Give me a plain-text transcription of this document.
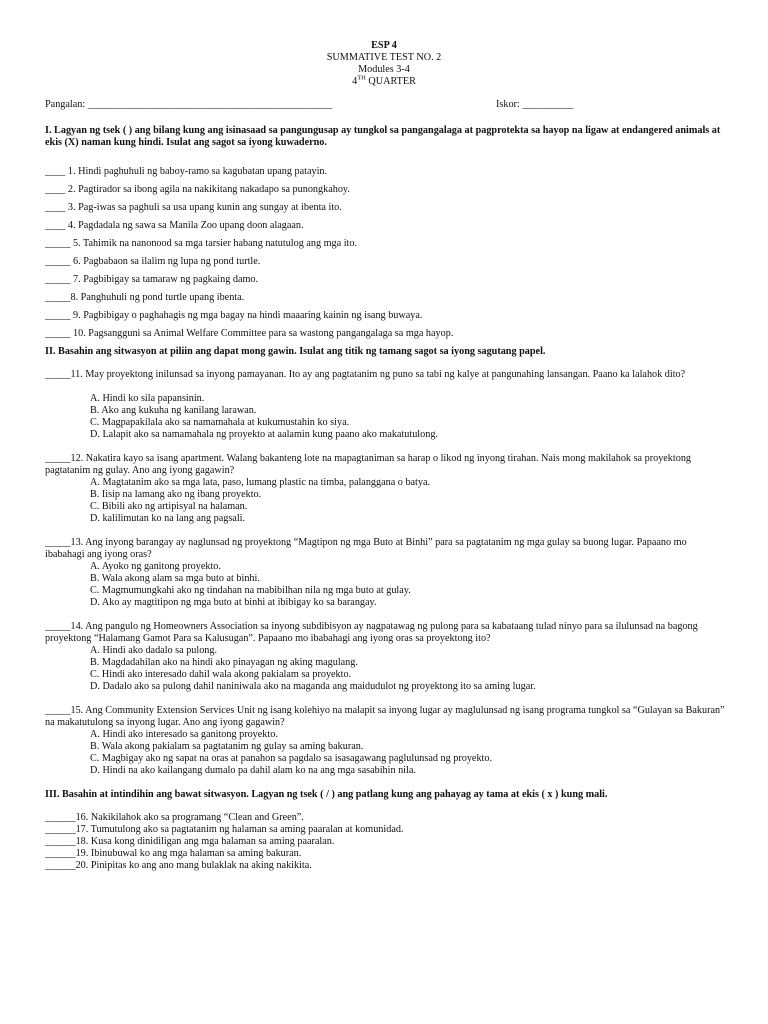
ESP 4
SUMMATIVE TEST NO. 2
Modules 3-4
4TH QUARTER
Pangalan: ________________________________________________	Iskor: __________
I. Lagyan ng tsek ( ) ang bilang kung ang isinasaad sa pangungusap ay tungkol sa pangangalaga at pagprotekta sa hayop na ligaw at endangered animals at ekis (X) naman kung hindi. Isulat ang sagot sa iyong kuwaderno.
____ 1. Hindi paghuhuli ng baboy-ramo sa kagubatan upang patayin.
____ 2. Pagtirador sa ibong agila na nakikitang nakadapo sa punongkahoy.
____ 3. Pag-iwas sa paghuli sa usa upang kunin ang sungay at ibenta ito.
____ 4. Pagdadala ng sawa sa Manila Zoo upang doon alagaan.
_____ 5. Tahimik na nanonood sa mga tarsier habang natutulog ang mga ito.
_____ 6. Pagbabaon sa ilalim ng lupa ng pond turtle.
_____ 7. Pagbibigay sa tamaraw ng pagkaing damo.
_____8. Panghuhuli ng pond turtle upang ibenta.
_____ 9. Pagbibigay o paghahagis ng mga bagay na hindi maaaring kainin ng isang buwaya.
_____ 10. Pagsangguni sa Animal Welfare Committee para sa wastong pangangalaga sa mga hayop.
II. Basahin ang sitwasyon at piliin ang dapat mong gawin. Isulat ang titik ng tamang sagot sa iyong sagutang papel.
_____11. May proyektong inilunsad sa inyong pamayanan. Ito ay ang pagtatanim ng puno sa tabi ng kalye at pangunahing lansangan. Paano ka lalahok dito?
A. Hindi ko sila papansinin.
B. Ako ang kukuha ng kanilang larawan.
C. Magpapakilala ako sa namamahala at kukumustahin ko siya.
D. Lalapit ako sa namamahala ng proyekto at aalamin kung paano ako makatutulong.
_____12. Nakatira kayo sa isang apartment. Walang bakanteng lote na mapagtaniman sa harap o likod ng inyong tirahan. Nais mong makilahok sa proyektong pagtatanim ng gulay. Ano ang iyong gagawin?
A. Magtatanim ako sa mga lata, paso, lumang plastic na timba, palanggana o batya.
B. Iisip na lamang ako ng ibang proyekto.
C. Bibili ako ng artipisyal na halaman.
D. kalilimutan ko na lang ang pagsali.
_____13. Ang inyong barangay ay naglunsad ng proyektong “Magtipon ng mga Buto at Binhi” para sa pagtatanim ng mga gulay sa buong lugar. Papaano mo ibabahagi ang iyong oras?
A. Ayoko ng ganitong proyekto.
B. Wala akong alam sa mga buto at binhi.
C. Magmumungkahi ako ng tindahan na mabibilhan nila ng mga buto at gulay.
D. Ako ay magtitipon ng mga buto at binhi at ibibigay ko sa barangay.
_____14. Ang pangulo ng Homeowners Association sa inyong subdibisyon ay nagpatawag ng pulong para sa kabataang tulad ninyo para sa ilulunsad na bagong proyektong “Halamang Gamot Para sa Kalusugan”. Papaano mo ibabahagi ang iyong oras sa proyektong ito?
A. Hindi ako dadalo sa pulong.
B. Magdadahilan ako na hindi ako pinayagan ng aking magulang.
C. Hindi ako interesado dahil wala akong pakialam sa proyekto.
D. Dadalo ako sa pulong dahil naniniwala ako na maganda ang maidudulot ng proyektong ito sa aming lugar.
_____15. Ang Community Extension Services Unit ng isang kolehiyo na malapit sa inyong lugar ay maglulunsad ng isang programa tungkol sa “Gulayan sa Bakuran” na makatutulong sa inyong lugar. Ano ang iyong gagawin?
A. Hindi ako interesado sa ganitong proyekto.
B. Wala akong pakialam sa pagtatanim ng gulay sa aming bakuran.
C. Magbigay ako ng sapat na oras at panahon sa pagdalo sa isasagawang paglulunsad ng proyekto.
D. Hindi na ako kailangang dumalo pa dahil alam ko na ang mga sasabihin nila.
III. Basahin at intindihin ang bawat sitwasyon. Lagyan ng tsek ( / ) ang patlang kung ang pahayag ay tama at ekis ( x ) kung mali.
______16. Nakikilahok ako sa programang “Clean and Green”.
______17. Tumutulong ako sa pagtatanim ng halaman sa aming paaralan at komunidad.
______18. Kusa kong dinidiligan ang mga halaman sa aming paaralan.
______19. Ibinubuwal ko ang mga halaman sa aming bakuran.
______20. Pinipitas ko ang ano mang bulaklak na aking nakikita.
